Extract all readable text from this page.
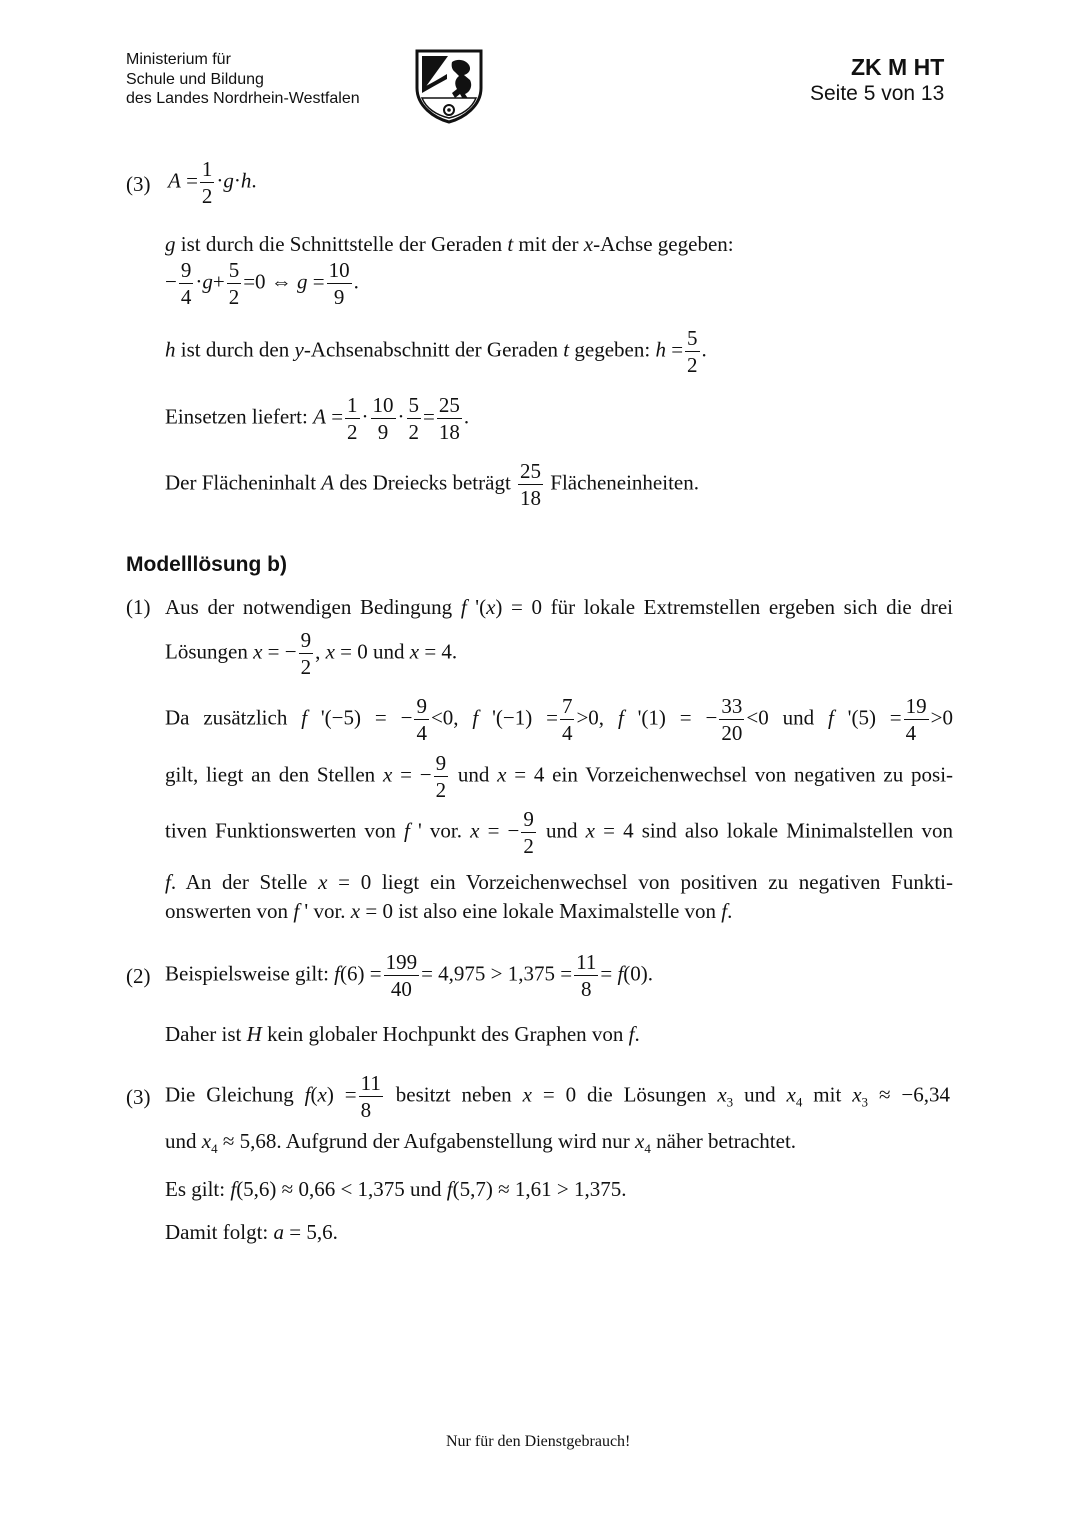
Ministerium für
Schule und Bildung
des Landes Nordrhein-Westfalen
ZK M HT
Seite 5 von 13
(3) $A = \frac{1}{2} \cdot g\cdot h$.
g ist durch die Schnittstelle der Geraden t mit der x-Achse gegeben:
− $\frac{9}{4} \cdot g+ \frac{5}{2} =0$ ⇔ $g = \frac{10}{9}$ .
h ist durch den y-Achsenabschnitt der Geraden t gegeben: $h = \frac{5}{2}$ .
Einsetzen liefert: $A = \frac{1}{2} \cdot \frac{10}{9} \cdot \frac{5}{2} = \frac{25}{18}$ .
Der Flächeninhalt A des Dreiecks beträgt $\frac{25}{18}$ Flächeneinheiten.
Modelllösung b)
(1) Aus der notwendigen Bedingung f '(x) = 0 für lokale Extremstellen ergeben sich die drei
Lösungen x = − $\frac{9}{2}$ , x = 0 und x = 4.
Da zusätzlich f '(−5) = − $\frac{9}{4} <0$, f '$(-1) = \frac{7}{4} >0$, f '(1) = − $\frac{33}{20} <0$ und f '$(5) = \frac{19}{4} >0$
gilt, liegt an den Stellen x = − $\frac{9}{2}$ und x = 4 ein Vorzeichenwechsel von negativen zu posi-
tiven Funktionswerten von f ' vor. x = − $\frac{9}{2}$ und x = 4 sind also lokale Minimalstellen von
f. An der Stelle x = 0 liegt ein Vorzeichenwechsel von positiven zu negativen Funkti-
onswerten von f ' vor. x = 0 ist also eine lokale Maximalstelle von f.
(2) Beispielsweise gilt: $f(6) = \frac{199}{40} = 4,975 > 1,375 = \frac{11}{8} = f(0)$.
Daher ist H kein globaler Hochpunkt des Graphen von f.
(3) Die Gleichung $f(x) = \frac{11}{8}$ besitzt neben x = 0 die Lösungen $x_3$ und $x_4$ mit $x_3 \approx -6,34$
und $x_4 \approx 5,68$. Aufgrund der Aufgabenstellung wird nur $x_4$ näher betrachtet.
Es gilt: f(5,6) ≈ 0,66 < 1,375 und f(5,7) ≈ 1,61 > 1,375.
Damit folgt: a = 5,6.
Nur für den Dienstgebrauch!
